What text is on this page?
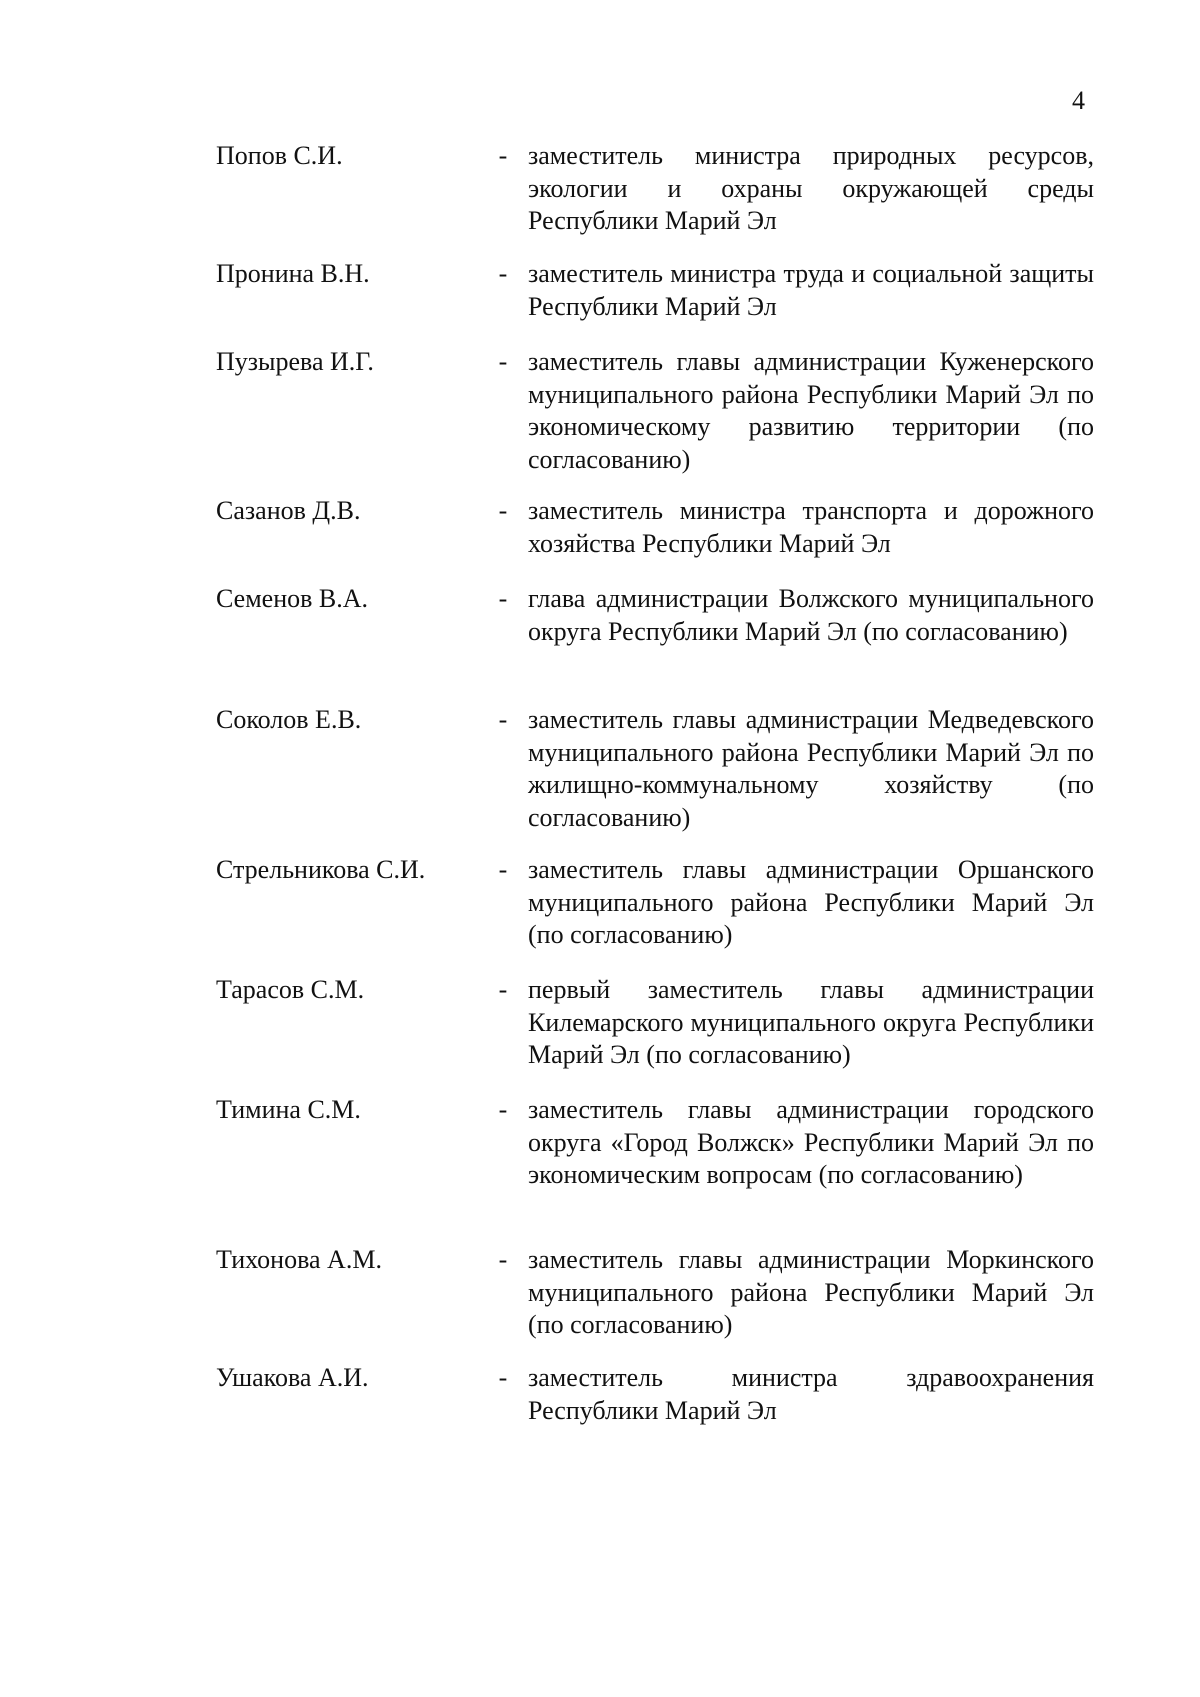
4
Попов С.И.	- заместитель министра природных ресурсов, экологии и охраны окружающей среды Республики Марий Эл
Пронина В.Н.	- заместитель министра труда и социальной защиты Республики Марий Эл
Пузырева И.Г.	- заместитель главы администрации Куженерского муниципального района Республики Марий Эл по экономическому развитию территории (по согласованию)
Сазанов Д.В.	- заместитель министра транспорта и дорожного хозяйства Республики Марий Эл
Семенов В.А.	- глава администрации Волжского муниципального округа Республики Марий Эл (по согласованию)
Соколов Е.В.	- заместитель главы администрации Медведевского муниципального района Республики Марий Эл по жилищно-коммунальному хозяйству (по согласованию)
Стрельникова С.И.	- заместитель главы администрации Оршанского муниципального района Республики Марий Эл (по согласованию)
Тарасов С.М.	- первый заместитель главы администрации Килемарского муниципального округа Республики Марий Эл (по согласованию)
Тимина С.М.	- заместитель главы администрации городского округа «Город Волжск» Республики Марий Эл по экономическим вопросам (по согласованию)
Тихонова А.М.	- заместитель главы администрации Моркинского муниципального района Республики Марий Эл (по согласованию)
Ушакова А.И.	- заместитель министра здравоохранения Республики Марий Эл
